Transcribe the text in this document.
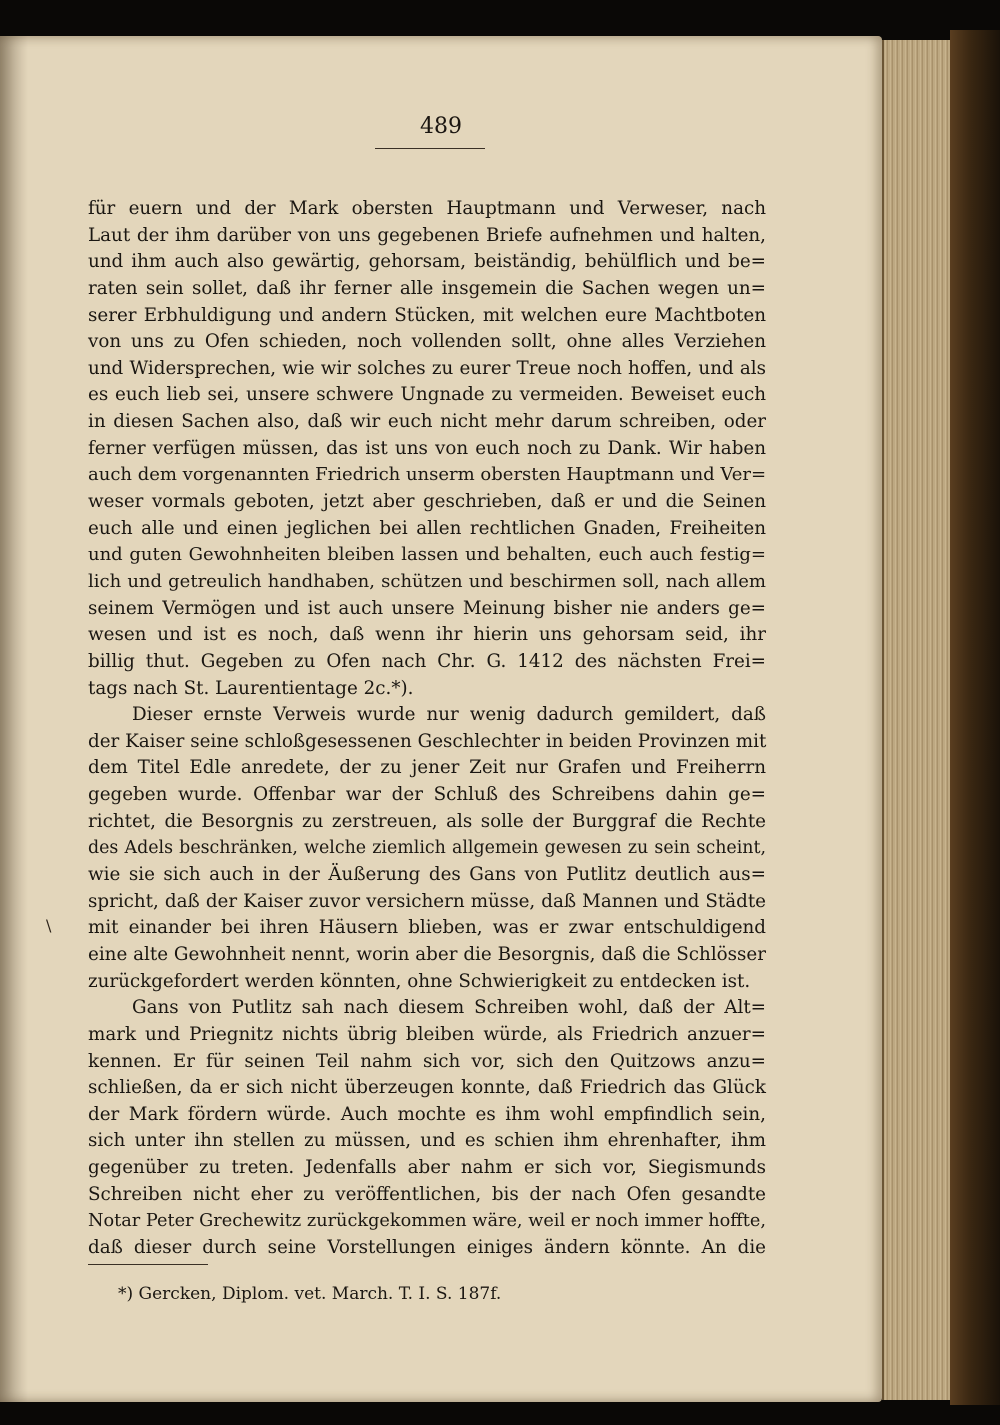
489
für euern und der Mark obersten Hauptmann und Verweser, nach
Laut der ihm darüber von uns gegebenen Briefe aufnehmen und halten,
und ihm auch also gewärtig, gehorsam, beiständig, behülflich und be=
raten sein sollet, daß ihr ferner alle insgemein die Sachen wegen un=
serer Erbhuldigung und andern Stücken, mit welchen eure Machtboten
von uns zu Ofen schieden, noch vollenden sollt, ohne alles Verziehen
und Widersprechen, wie wir solches zu eurer Treue noch hoffen, und als
es euch lieb sei, unsere schwere Ungnade zu vermeiden. Beweiset euch
in diesen Sachen also, daß wir euch nicht mehr darum schreiben, oder
ferner verfügen müssen, das ist uns von euch noch zu Dank. Wir haben
auch dem vorgenannten Friedrich unserm obersten Hauptmann und Ver=
weser vormals geboten, jetzt aber geschrieben, daß er und die Seinen
euch alle und einen jeglichen bei allen rechtlichen Gnaden, Freiheiten
und guten Gewohnheiten bleiben lassen und behalten, euch auch festig=
lich und getreulich handhaben, schützen und beschirmen soll, nach allem
seinem Vermögen und ist auch unsere Meinung bisher nie anders ge=
wesen und ist es noch, daß wenn ihr hierin uns gehorsam seid, ihr
billig thut. Gegeben zu Ofen nach Chr. G. 1412 des nächsten Frei=
tags nach St. Laurentientage 2c.*).
Dieser ernste Verweis wurde nur wenig dadurch gemildert, daß
der Kaiser seine schloßgesessenen Geschlechter in beiden Provinzen mit
dem Titel Edle anredete, der zu jener Zeit nur Grafen und Freiherrn
gegeben wurde. Offenbar war der Schluß des Schreibens dahin ge=
richtet, die Besorgnis zu zerstreuen, als solle der Burggraf die Rechte
des Adels beschränken, welche ziemlich allgemein gewesen zu sein scheint,
wie sie sich auch in der Äußerung des Gans von Putlitz deutlich aus=
spricht, daß der Kaiser zuvor versichern müsse, daß Mannen und Städte
mit einander bei ihren Häusern blieben, was er zwar entschuldigend
eine alte Gewohnheit nennt, worin aber die Besorgnis, daß die Schlösser
zurückgefordert werden könnten, ohne Schwierigkeit zu entdecken ist.
Gans von Putlitz sah nach diesem Schreiben wohl, daß der Alt=
mark und Priegnitz nichts übrig bleiben würde, als Friedrich anzuer=
kennen. Er für seinen Teil nahm sich vor, sich den Quitzows anzu=
schließen, da er sich nicht überzeugen konnte, daß Friedrich das Glück
der Mark fördern würde. Auch mochte es ihm wohl empfindlich sein,
sich unter ihn stellen zu müssen, und es schien ihm ehrenhafter, ihm
gegenüber zu treten. Jedenfalls aber nahm er sich vor, Siegismunds
Schreiben nicht eher zu veröffentlichen, bis der nach Ofen gesandte
Notar Peter Grechewitz zurückgekommen wäre, weil er noch immer hoffte,
daß dieser durch seine Vorstellungen einiges ändern könnte. An die
\
*) Gercken, Diplom. vet. March. T. I. S. 187f.
